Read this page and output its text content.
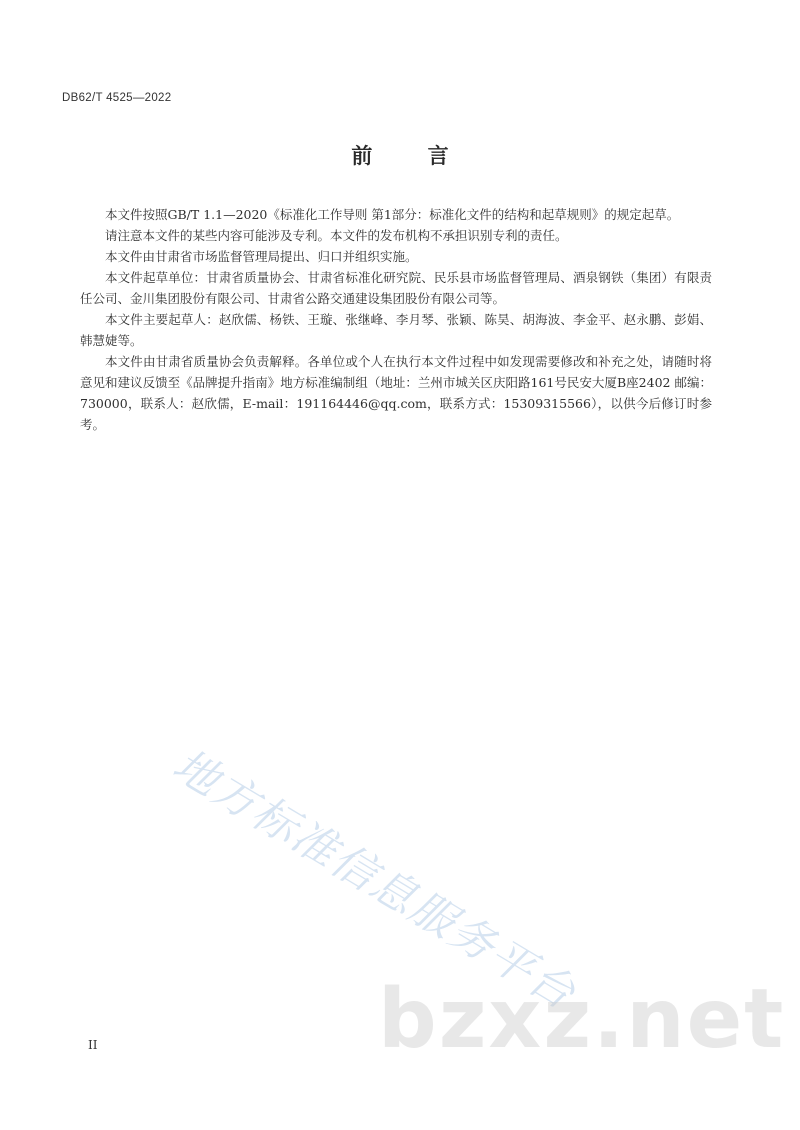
DB62/T 4525—2022
前 言

本文件按照GB/T 1.1—2020《标准化工作导则 第1部分：标准化文件的结构和起草规则》的规定起草。

请注意本文件的某些内容可能涉及专利。本文件的发布机构不承担识别专利的责任。

本文件由甘肃省市场监督管理局提出、归口并组织实施。

本文件起草单位：甘肃省质量协会、甘肃省标准化研究院、民乐县市场监督管理局、酒泉钢铁（集团）有限责任公司、金川集团股份有限公司、甘肃省公路交通建设集团股份有限公司等。

本文件主要起草人：赵欣儒、杨铁、王璇、张继峰、李月琴、张颖、陈昊、胡海波、李金平、赵永鹏、彭娟、韩慧婕等。

本文件由甘肃省质量协会负责解释。各单位或个人在执行本文件过程中如发现需要修改和补充之处，请随时将意见和建议反馈至《品牌提升指南》地方标准编制组（地址：兰州市城关区庆阳路161号民安大厦B座2402 邮编：730000，联系人：赵欣儒，E-mail：191164446@qq.com，联系方式：15309315566），以供今后修订时参考。

地方标准信息服务平台
bzxz.net
II
